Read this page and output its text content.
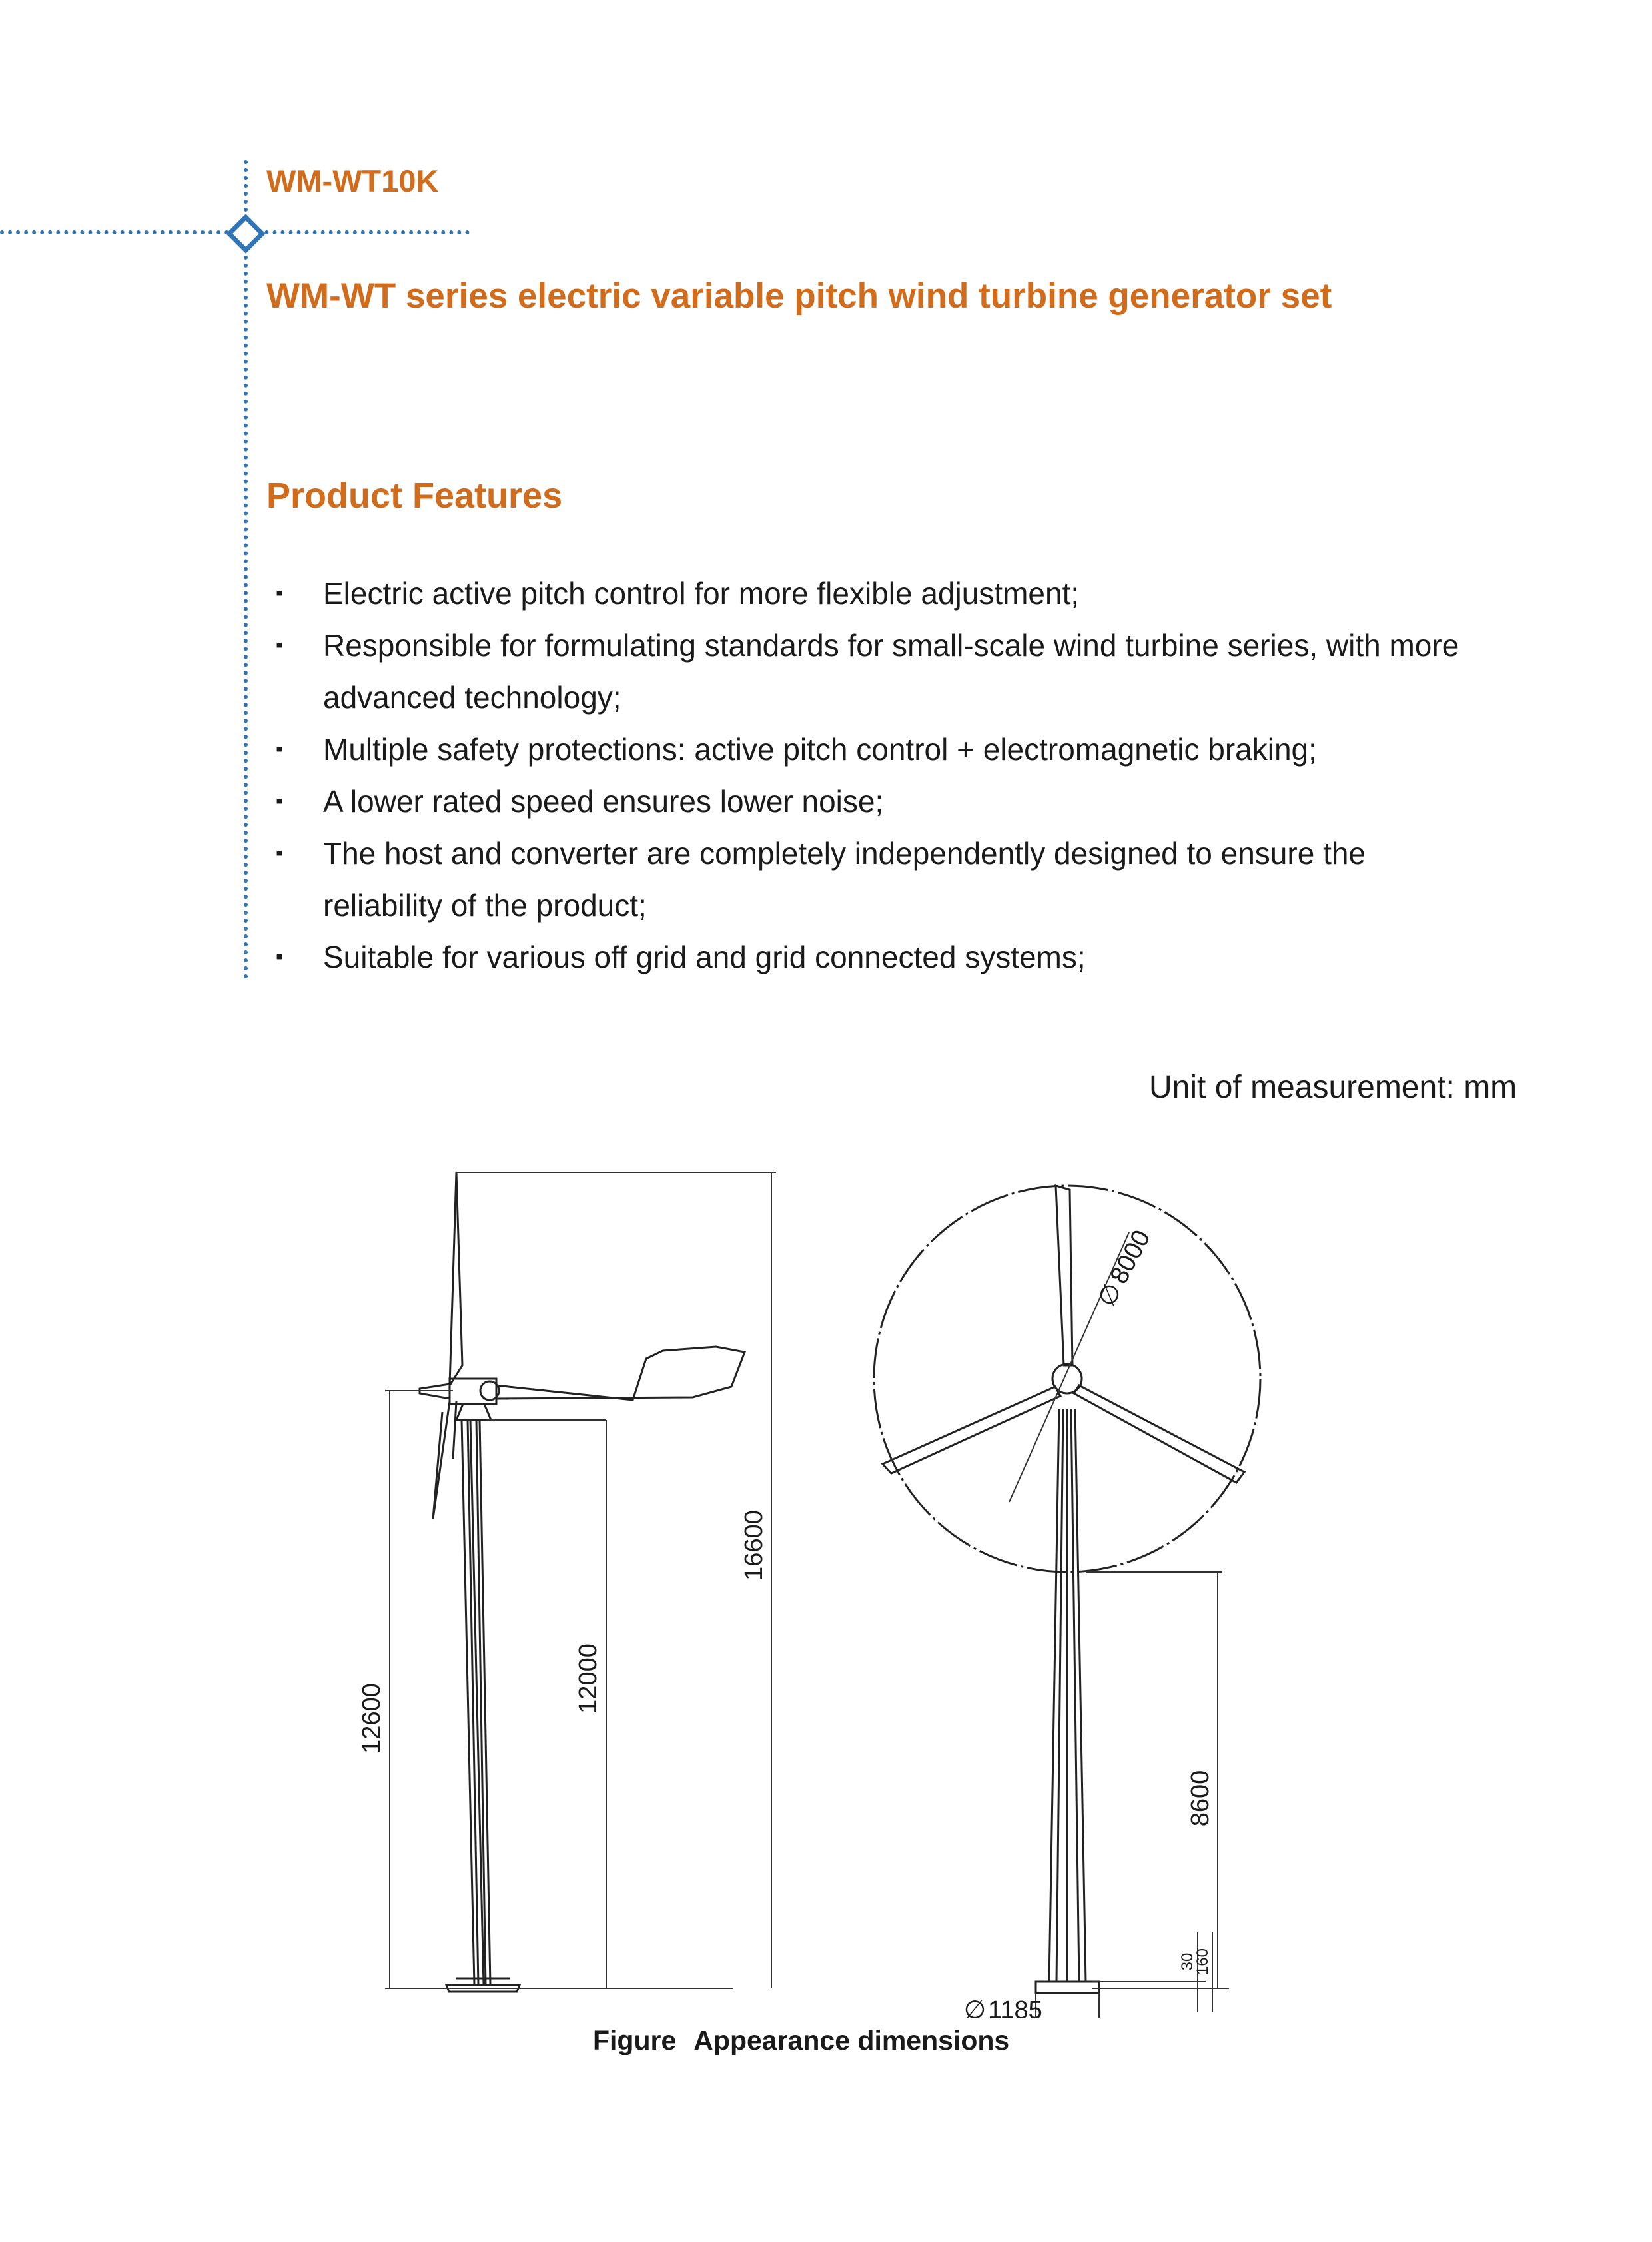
WM-WT10K
WM-WT series electric variable pitch wind turbine generator set
Product Features
▪ Electric active pitch control for more flexible adjustment;
▪ Responsible for formulating standards for small-scale wind turbine series, with more advanced technology;
▪ Multiple safety protections: active pitch control + electromagnetic braking;
▪ A lower rated speed ensures lower noise;
▪ The host and converter are completely independently designed to ensure the reliability of the product;
▪ Suitable for various off grid and grid connected systems;
Unit of measurement: mm
12600
12000
16600
∅
8000
8600
30
160
∅ 1185
Figure Appearance dimensions
